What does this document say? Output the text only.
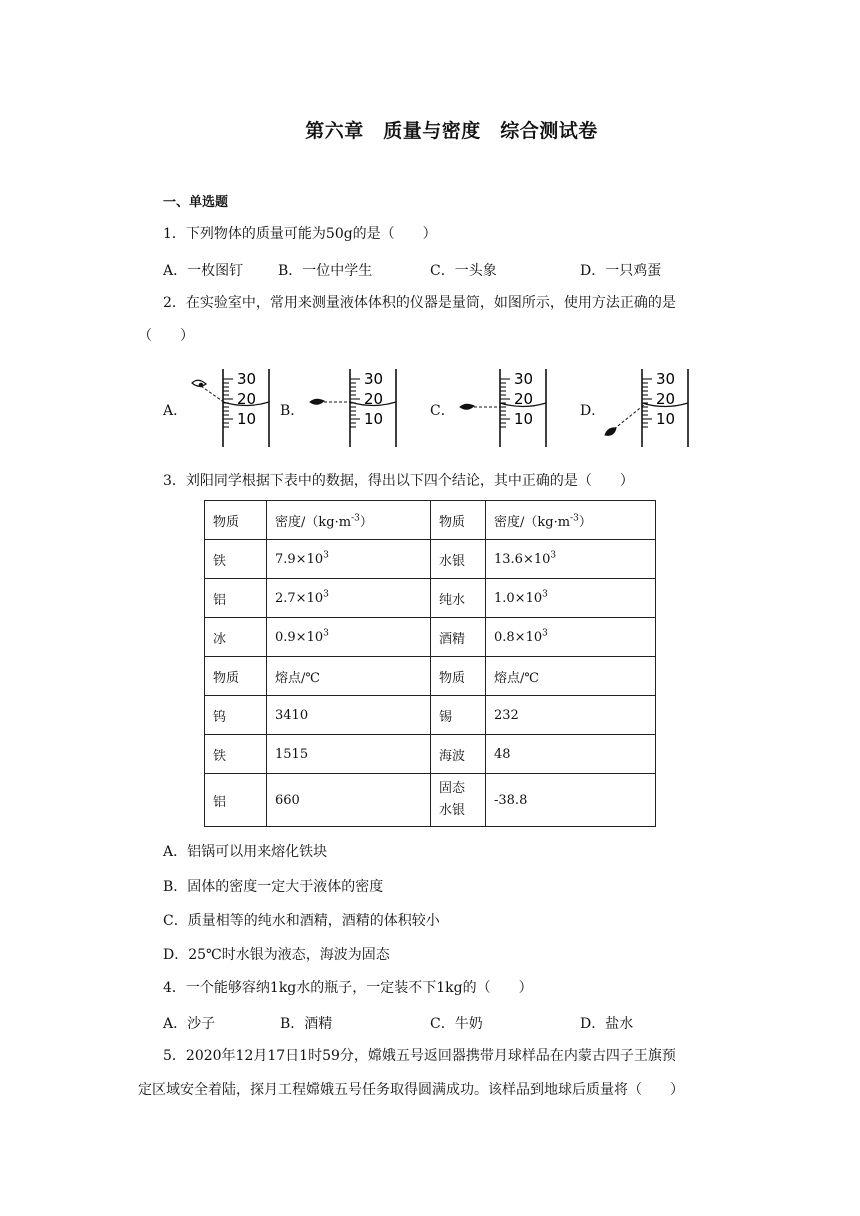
第六章　质量与密度　综合测试卷
一、单选题
1．下列物体的质量可能为50g的是（　　）
A．一枚图钉 B．一位中学生	C．一头象	D．一只鸡蛋
2．在实验室中，常用来测量液体体积的仪器是量筒，如图所示，使用方法正确的是
（　　）
A．	B．	C．	D．
30
20
10
30
20
10
30
20
10
30
20
10
3．刘阳同学根据下表中的数据，得出以下四个结论，其中正确的是（　　）
物质	密度$/(kg\cdot m^{-3})$	物质	密度$/(kg\cdot m^{-3})$
铁	$7.9\times 10^3$	水银	$13.6\times 10^3$
铝	$2.7\times 10^3$	纯水	$1.0\times 10^3$
冰	$0.9\times 10^3$	酒精	$0.8\times 10^3$
物质	熔点/℃	物质	熔点/℃
钨	3410	锡	232
铁	1515	海波	48
铝	660	固态水银	-38.8
A．铝锅可以用来熔化铁块
B．固体的密度一定大于液体的密度
C．质量相等的纯水和酒精，酒精的体积较小
D．25℃时水银为液态，海波为固态
4．一个能够容纳1kg水的瓶子，一定装不下1kg的（　　）
A．沙子	B．酒精	C．牛奶	D．盐水
5．2020年12月17日1时59分，嫦娥五号返回器携带月球样品在内蒙古四子王旗预
定区域安全着陆，探月工程嫦娥五号任务取得圆满成功。该样品到地球后质量将（　　）
